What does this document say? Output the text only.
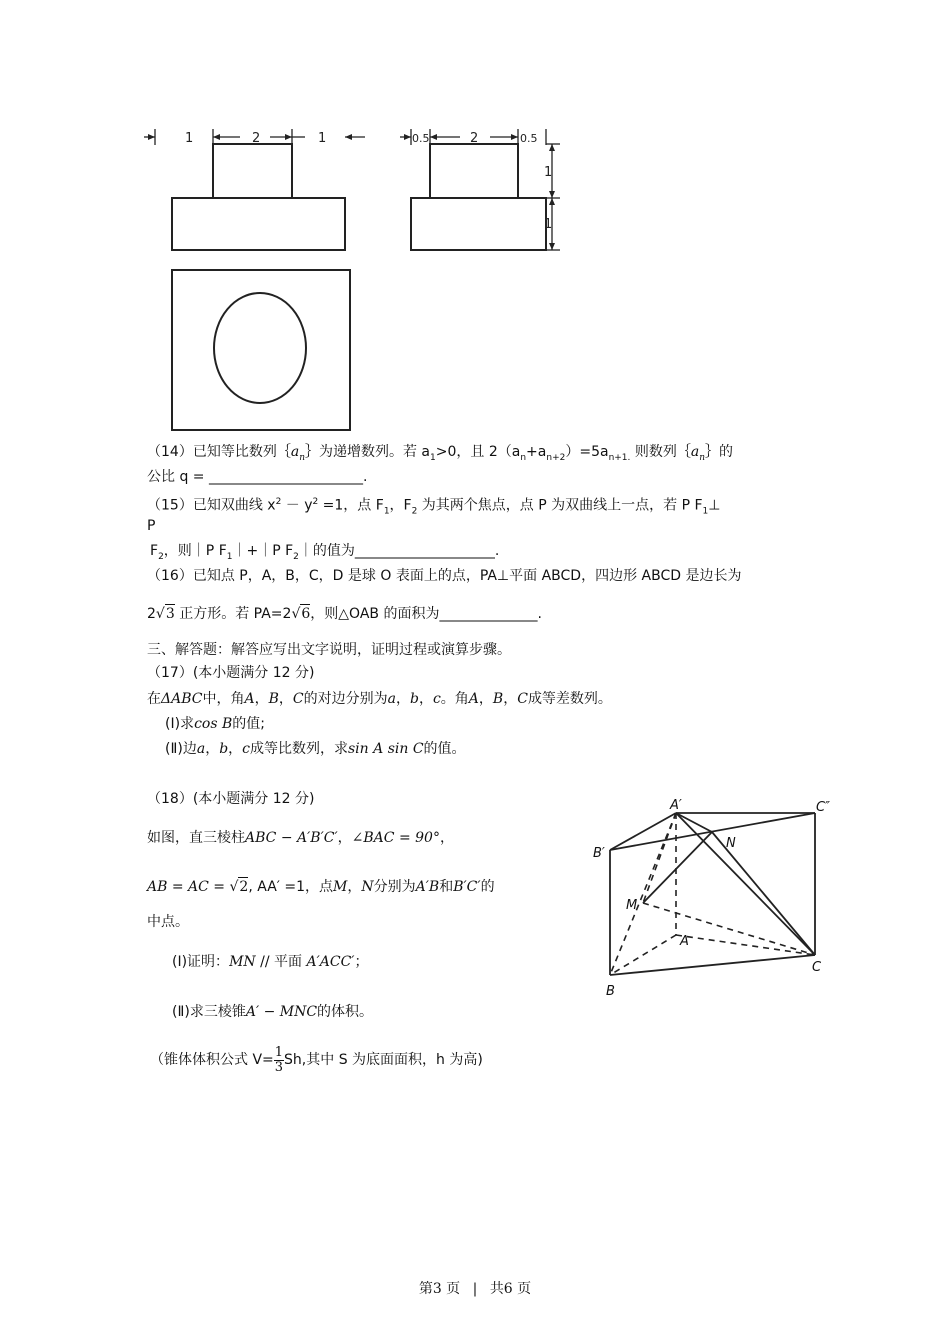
1	2	1	0.5	2	0.5
1
1
（14）已知等比数列$\{a_n\}$为递增数列。若 $a_1>0$，且 $2(a_n+a_{n+2})=5a_{n+1.}$ 则数列$\{a_n\}$的
公比 q = ______________________.
（15）已知双曲线 $x^2 - y^2 =1$，点 $F_1$，$F_2$ 为其两个焦点，点 P 为双曲线上一点，若 P $F_1\perp$
P
$F_2$，则｜P $F_1|+|P$ $F_2|$的值为____________________.
（16）已知点 P，A，B，C，D 是球 O 表面上的点，PA⊥平面 ABCD，四边形 ABCD 是边长为
2√3 正方形。若 PA=2√6，则△OAB 的面积为______________.
三、解答题：解答应写出文字说明，证明过程或演算步骤。
（17）(本小题满分 12 分)
在ΔABC中，角A，B，C的对边分别为a，b，c。角A，B，C成等差数列。
(Ⅰ)求cos B的值;
(Ⅱ)边a，b，c成等比数列，求sin A sin C的值。
（18）(本小题满分 12 分)
如图，直三棱柱ABC − A′B′C′，∠BAC = 90°，
AB = AC = √2, AA′ =1，点M，N分别为A′B和B′C′的
中点。
(Ⅰ)证明：MN // 平面 A′ACC′；
(Ⅱ)求三棱锥A′ − MNC的体积。
（锥体体积公式 $V= \frac{1}{3} Sh$,其中 S 为底面面积，h 为高)
A′	C″
B′
N
M
A
C
B
第3 页 | 共6 页
